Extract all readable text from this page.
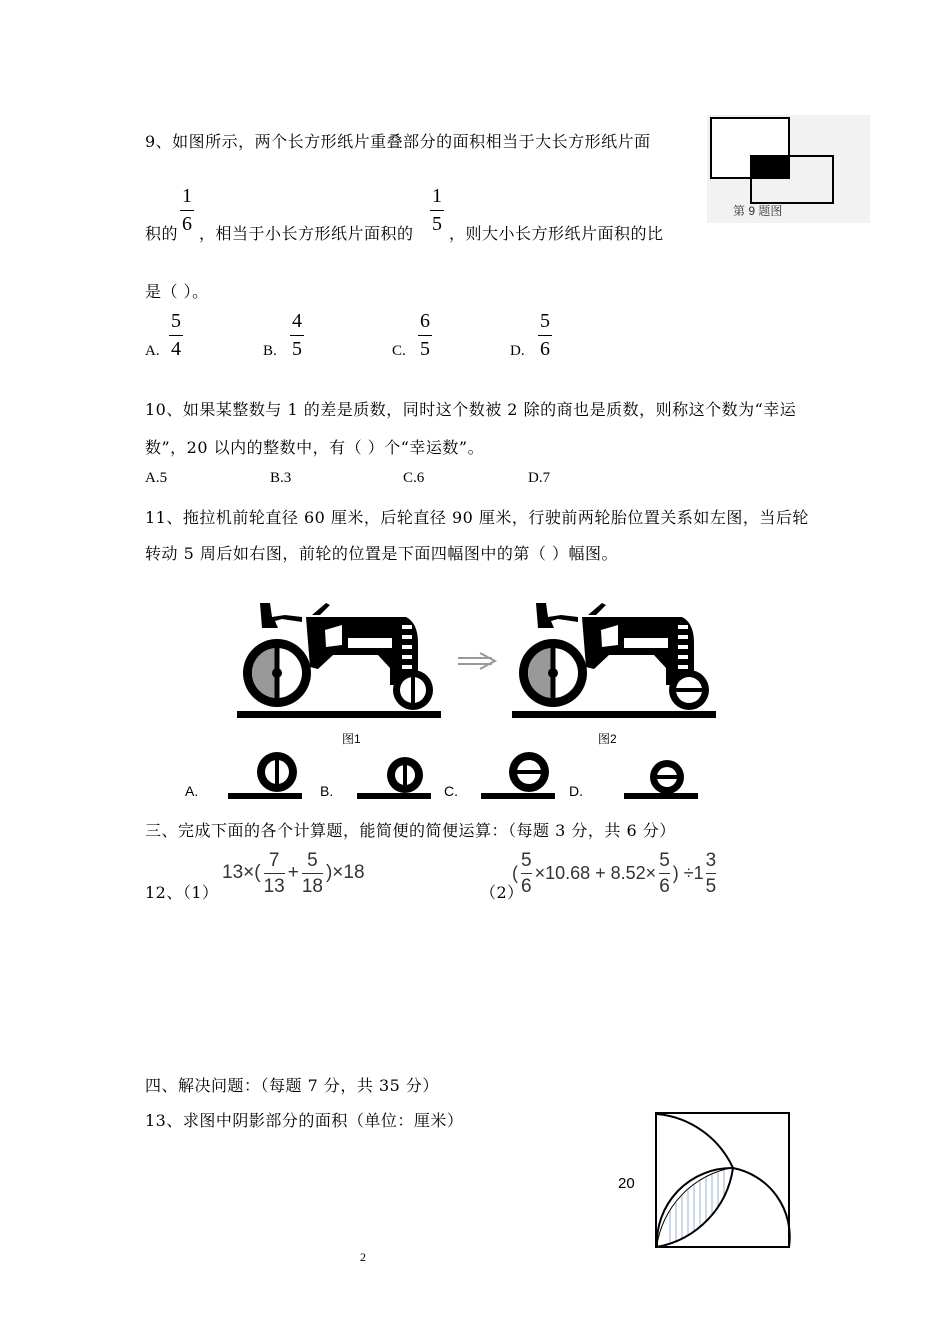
9、如图所示，两个长方形纸片重叠部分的面积相当于大长方形纸片面
第 9 题图
积的
1
6 ，相当于小长方形纸片面积的
1
5 ，则大小长方形纸片面积的比
是（ ）。
A.
5
4	B.
4
5	C.
6
5	D.
5
6
10、如果某整数与 1 的差是质数，同时这个数被 2 除的商也是质数，则称这个数为“幸运
数”，20 以内的整数中，有（ ）个“幸运数”。
A.5	B.3	C.6	D.7
11、拖拉机前轮直径 60 厘米，后轮直径 90 厘米，行驶前两轮胎位置关系如左图，当后轮
转动 5 周后如右图，前轮的位置是下面四幅图中的第（ ）幅图。
图1	图2
A.	B.	C.	D.
三、完成下面的各个计算题，能简便的简便运算：（每题 3 分，共 6 分）
12、（1）
13×(
7
13
+
5
18
)×18
（2）
(
5
6
×10.68 + 8.52×
5
6
) ÷1
3
5
四、解决问题：（每题 7 分，共 35 分）
13、求图中阴影部分的面积（单位：厘米）
20
2
